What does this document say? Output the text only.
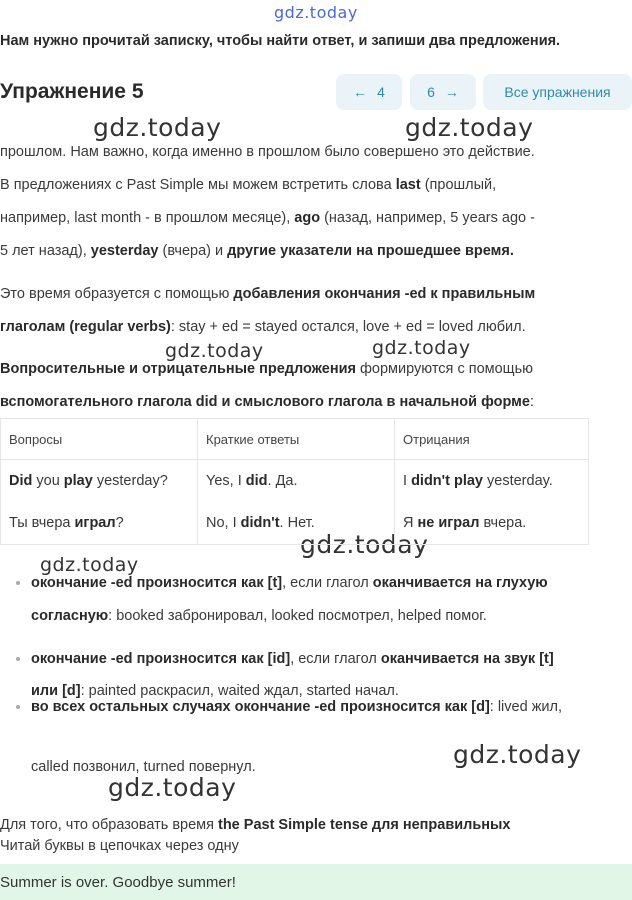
gdz.today
gdz.today	gdz.today
gdz.today	gdz.today
gdz.today
gdz.today
gdz.today
gdz.today
Нам нужно прочитай записку, чтобы найти ответ, и запиши два предложения.
Упражнение 5	← 4	6 →	Все упражнения
прошлом. Нам важно, когда именно в прошлом было совершено это действие.
В предложениях с Past Simple мы можем встретить слова last (прошлый,
например, last month - в прошлом месяце), ago (назад, например, 5 years ago -
5 лет назад), yesterday (вчера) и другие указатели на прошедшее время.
Это время образуется с помощью добавления окончания -ed к правильным
глаголам (regular verbs): stay + ed = stayed остался, love + ed = loved любил.
Вопросительные и отрицательные предложения формируются с помощью
вспомогательного глагола did и смыслового глагола в начальной форме:
Вопросы	Краткие ответы	Отрицания
Did you play yesterday?	Yes, I did. Да.	I didn't play yesterday.
Ты вчера играл?	No, I didn't. Нет.	Я не играл вчера.
окончание -ed произносится как [t], если глагол оканчивается на глухую
согласную: booked забронировал, looked посмотрел, helped помог.
окончание -ed произносится как [id], если глагол оканчивается на звук [t]
или [d]: painted раскрасил, waited ждал, started начал.
во всех остальных случаях окончание -ed произносится как [d]: lived жил,
called позвонил, turned повернул.
Для того, что образовать время the Past Simple tense для неправильных
Читай буквы в цепочках через одну
Summer is over. Goodbye summer!
